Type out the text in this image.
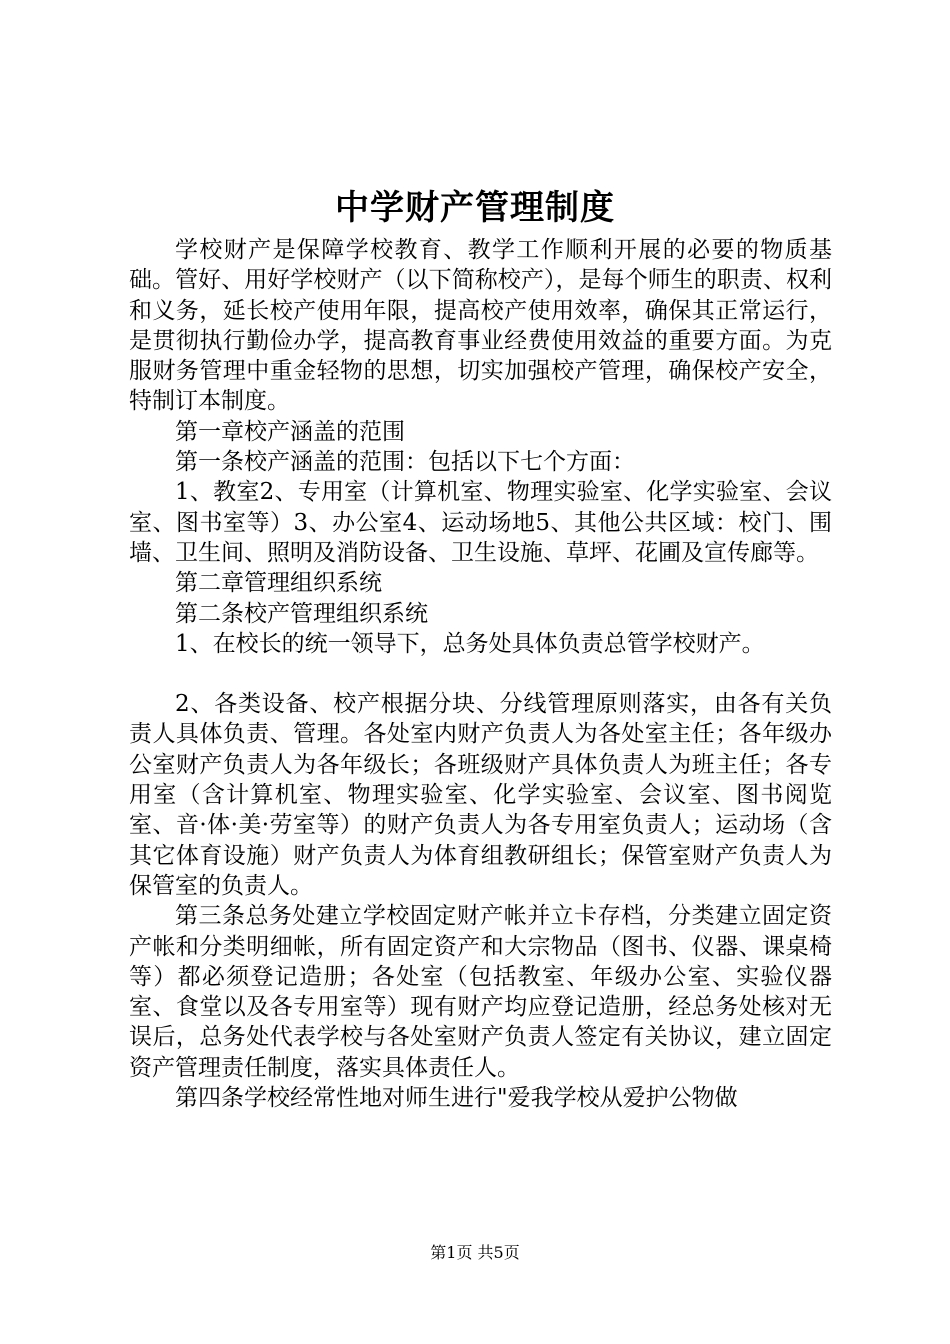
中学财产管理制度

学校财产是保障学校教育、教学工作顺利开展的必要的物质基础。管好、用好学校财产（以下简称校产），是每个师生的职责、权利和义务，延长校产使用年限，提高校产使用效率，确保其正常运行，是贯彻执行勤俭办学，提高教育事业经费使用效益的重要方面。为克服财务管理中重金轻物的思想，切实加强校产管理，确保校产安全，特制订本制度。

第一章校产涵盖的范围

第一条校产涵盖的范围：包括以下七个方面：

1、教室2、专用室（计算机室、物理实验室、化学实验室、会议室、图书室等）3、办公室4、运动场地5、其他公共区域：校门、围墙、卫生间、照明及消防设备、卫生设施、草坪、花圃及宣传廊等。

第二章管理组织系统

第二条校产管理组织系统

1、在校长的统一领导下，总务处具体负责总管学校财产。

2、各类设备、校产根据分块、分线管理原则落实，由各有关负责人具体负责、管理。各处室内财产负责人为各处室主任；各年级办公室财产负责人为各年级长；各班级财产具体负责人为班主任；各专用室（含计算机室、物理实验室、化学实验室、会议室、图书阅览室、音·体·美·劳室等）的财产负责人为各专用室负责人；运动场（含其它体育设施）财产负责人为体育组教研组长；保管室财产负责人为保管室的负责人。

第三条总务处建立学校固定财产帐并立卡存档，分类建立固定资产帐和分类明细帐，所有固定资产和大宗物品（图书、仪器、课桌椅等）都必须登记造册；各处室（包括教室、年级办公室、实验仪器室、食堂以及各专用室等）现有财产均应登记造册，经总务处核对无误后，总务处代表学校与各处室财产负责人签定有关协议，建立固定资产管理责任制度，落实具体责任人。

第四条学校经常性地对师生进行"爱我学校从爱护公物做

第1页 共5页
